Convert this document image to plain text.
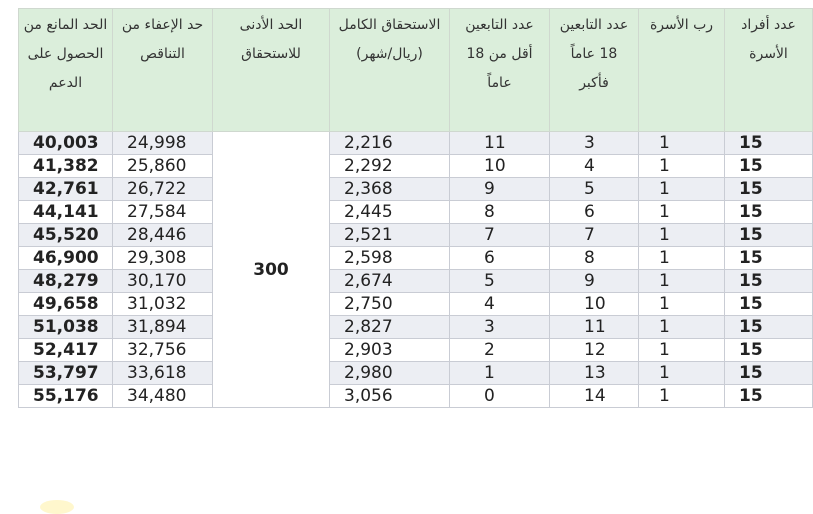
عدد أفراد الأسرة	رب الأسرة	عدد التابعين 18 عاماً فأكبر	عدد التابعين أقل من 18 عاماً	الاستحقاق الكامل (ريال/شهر)	الحد الأدنى للاستحقاق	حد الإعفاء من التناقص	الحد المانع من الحصول على الدعم
15	1	3	11	2,216	300	24,998	40,003
15	1	4	10	2,292		25,860	41,382
15	1	5	9	2,368		26,722	42,761
15	1	6	8	2,445		27,584	44,141
15	1	7	7	2,521		28,446	45,520
15	1	8	6	2,598		29,308	46,900
15	1	9	5	2,674		30,170	48,279
15	1	10	4	2,750		31,032	49,658
15	1	11	3	2,827		31,894	51,038
15	1	12	2	2,903		32,756	52,417
15	1	13	1	2,980		33,618	53,797
15	1	14	0	3,056		34,480	55,176
